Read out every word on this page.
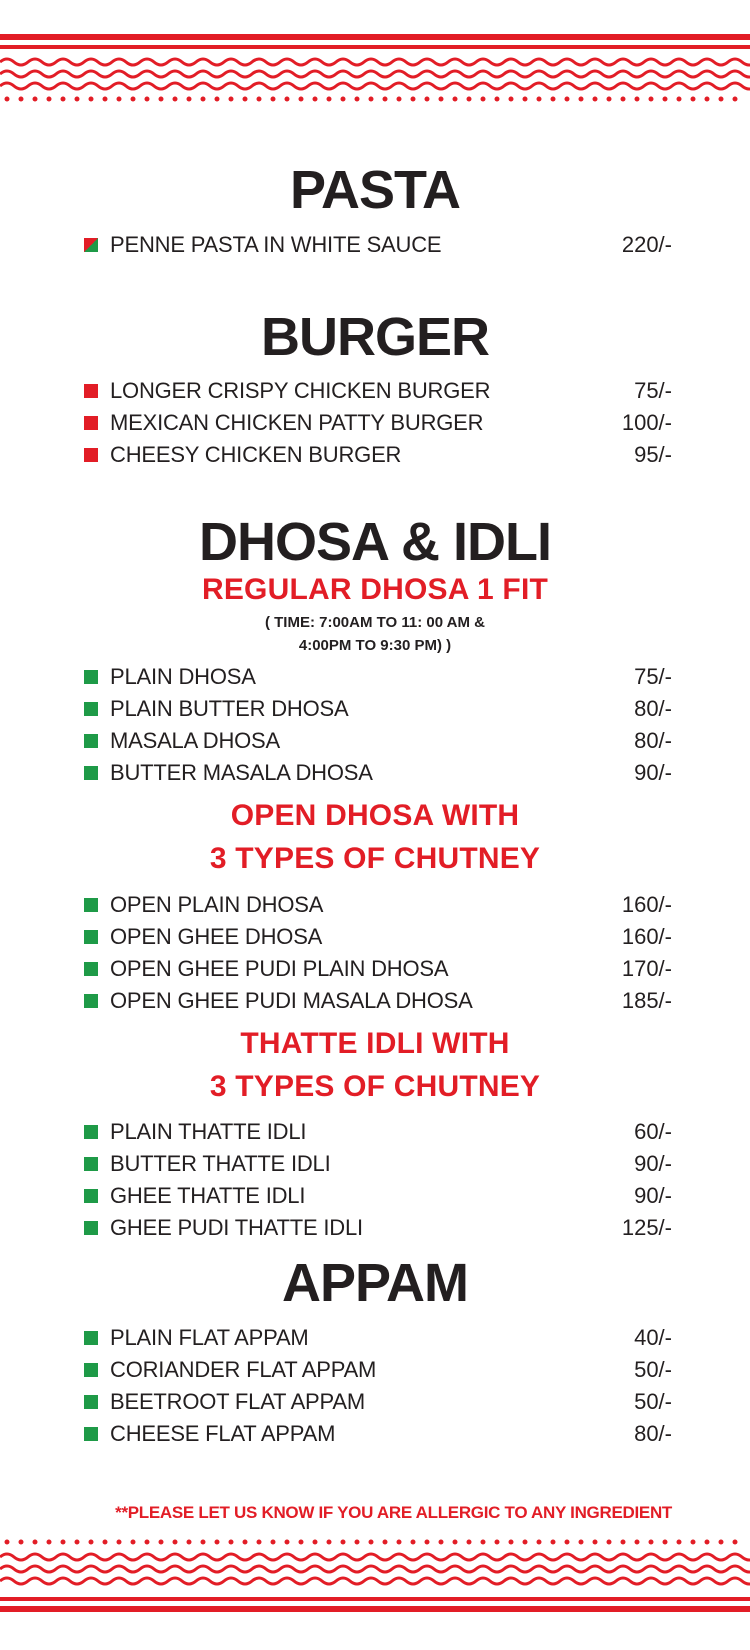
PASTA
PENNE PASTA IN WHITE SAUCE	220/-
BURGER
LONGER CRISPY CHICKEN BURGER	75/-
MEXICAN CHICKEN PATTY BURGER	100/-
CHEESY CHICKEN BURGER	95/-
DHOSA & IDLI
REGULAR DHOSA 1 FIT
( TIME: 7:00AM TO 11: 00 AM &
4:00PM TO 9:30 PM) )
PLAIN DHOSA	75/-
PLAIN BUTTER DHOSA	80/-
MASALA DHOSA	80/-
BUTTER MASALA DHOSA	90/-
OPEN DHOSA WITH
3 TYPES OF CHUTNEY
OPEN PLAIN DHOSA	160/-
OPEN GHEE DHOSA	160/-
OPEN GHEE PUDI PLAIN DHOSA	170/-
OPEN GHEE PUDI MASALA DHOSA	185/-
THATTE IDLI WITH
3 TYPES OF CHUTNEY
PLAIN THATTE IDLI	60/-
BUTTER THATTE IDLI	90/-
GHEE THATTE IDLI	90/-
GHEE PUDI THATTE IDLI	125/-
APPAM
PLAIN FLAT APPAM	40/-
CORIANDER FLAT APPAM	50/-
BEETROOT FLAT APPAM	50/-
CHEESE FLAT APPAM	80/-
**PLEASE LET US KNOW IF YOU ARE ALLERGIC TO ANY INGREDIENT
